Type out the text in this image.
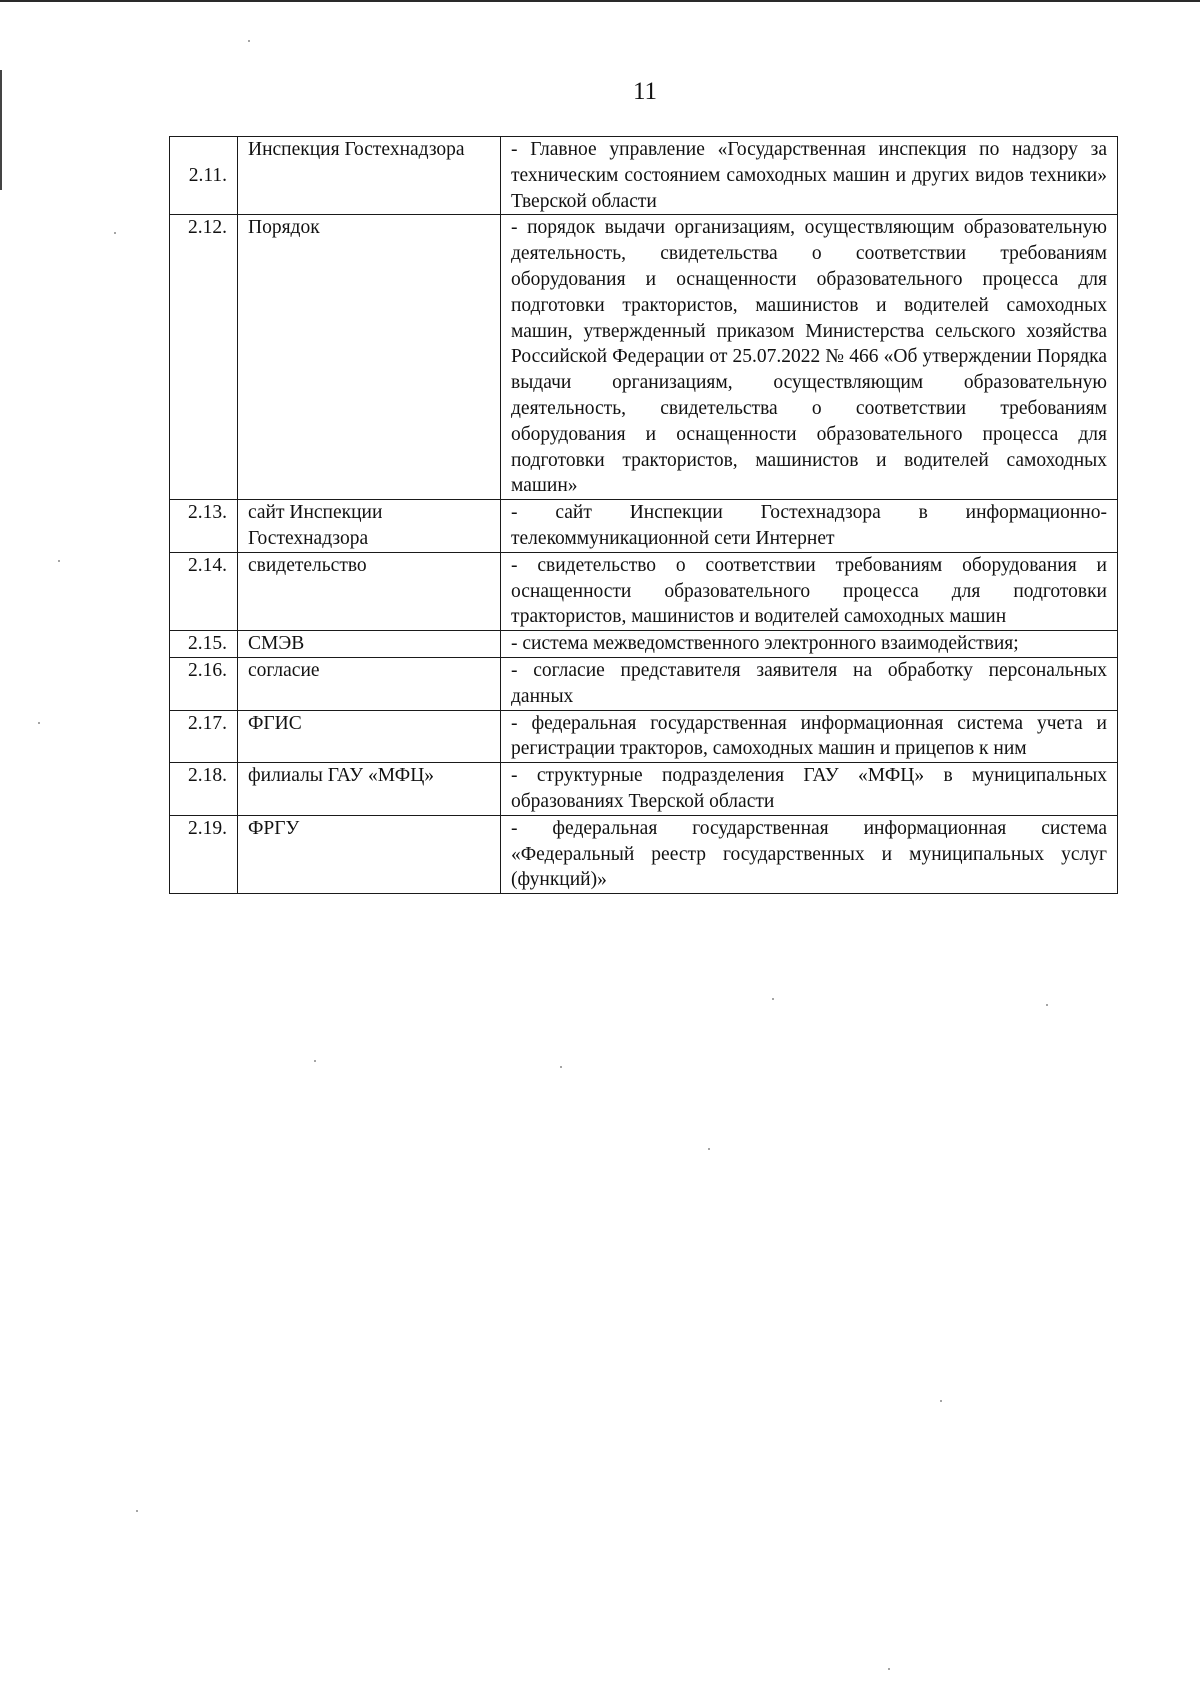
11
2.11.	Инспекция Гостехнадзора	- Главное управление «Государственная инспекция по надзору за техническим состоянием самоходных машин и других видов техники» Тверской области
2.12.	Порядок	- порядок выдачи организациям, осуществляющим образовательную деятельность, свидетельства о соответствии требованиям оборудования и оснащенности образовательного процесса для подготовки трактористов, машинистов и водителей самоходных машин, утвержденный приказом Министерства сельского хозяйства Российской Федерации от 25.07.2022 № 466 «Об утверждении Порядка выдачи организациям, осуществляющим образовательную деятельность, свидетельства о соответствии требованиям оборудования и оснащенности образовательного процесса для подготовки трактористов, машинистов и водителей самоходных машин»
2.13.	сайт Инспекции Гостехнадзора	- сайт Инспекции Гостехнадзора в информационно-телекоммуникационной сети Интернет
2.14.	свидетельство	- свидетельство о соответствии требованиям оборудования и оснащенности образовательного процесса для подготовки трактористов, машинистов и водителей самоходных машин
2.15.	СМЭВ	- система межведомственного электронного взаимодействия;
2.16.	согласие	- согласие представителя заявителя на обработку персональных данных
2.17.	ФГИС	- федеральная государственная информационная система учета и регистрации тракторов, самоходных машин и прицепов к ним
2.18.	филиалы ГАУ «МФЦ»	- структурные подразделения ГАУ «МФЦ» в муниципальных образованиях Тверской области
2.19.	ФРГУ	- федеральная государственная информационная система «Федеральный реестр государственных и муниципальных услуг (функций)»
